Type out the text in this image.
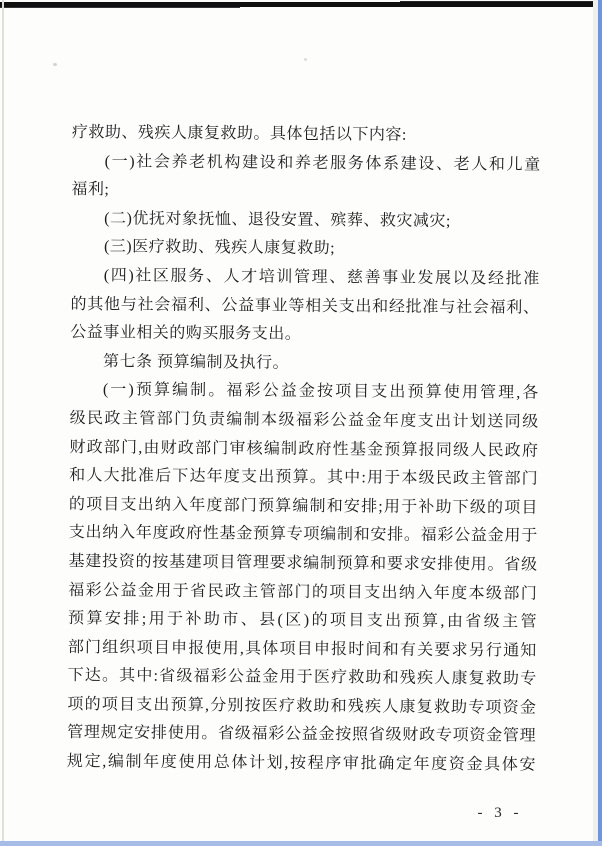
疗救助、残疾人康复救助。具体包括以下内容:
(一)社会养老机构建设和养老服务体系建设、老人和儿童
福利;
(二)优抚对象抚恤、退役安置、殡葬、救灾减灾;
(三)医疗救助、残疾人康复救助;
(四)社区服务、人才培训管理、慈善事业发展以及经批准
的其他与社会福利、公益事业等相关支出和经批准与社会福利、
公益事业相关的购买服务支出。
第七条 预算编制及执行。
(一)预算编制。福彩公益金按项目支出预算使用管理,各
级民政主管部门负责编制本级福彩公益金年度支出计划送同级
财政部门,由财政部门审核编制政府性基金预算报同级人民政府
和人大批准后下达年度支出预算。其中:用于本级民政主管部门
的项目支出纳入年度部门预算编制和安排;用于补助下级的项目
支出纳入年度政府性基金预算专项编制和安排。福彩公益金用于
基建投资的按基建项目管理要求编制预算和要求安排使用。省级
福彩公益金用于省民政主管部门的项目支出纳入年度本级部门
预算安排;用于补助市、县(区)的项目支出预算,由省级主管
部门组织项目申报使用,具体项目申报时间和有关要求另行通知
下达。其中:省级福彩公益金用于医疗救助和残疾人康复救助专
项的项目支出预算,分别按医疗救助和残疾人康复救助专项资金
管理规定安排使用。省级福彩公益金按照省级财政专项资金管理
规定,编制年度使用总体计划,按程序审批确定年度资金具体安
- 3 -
